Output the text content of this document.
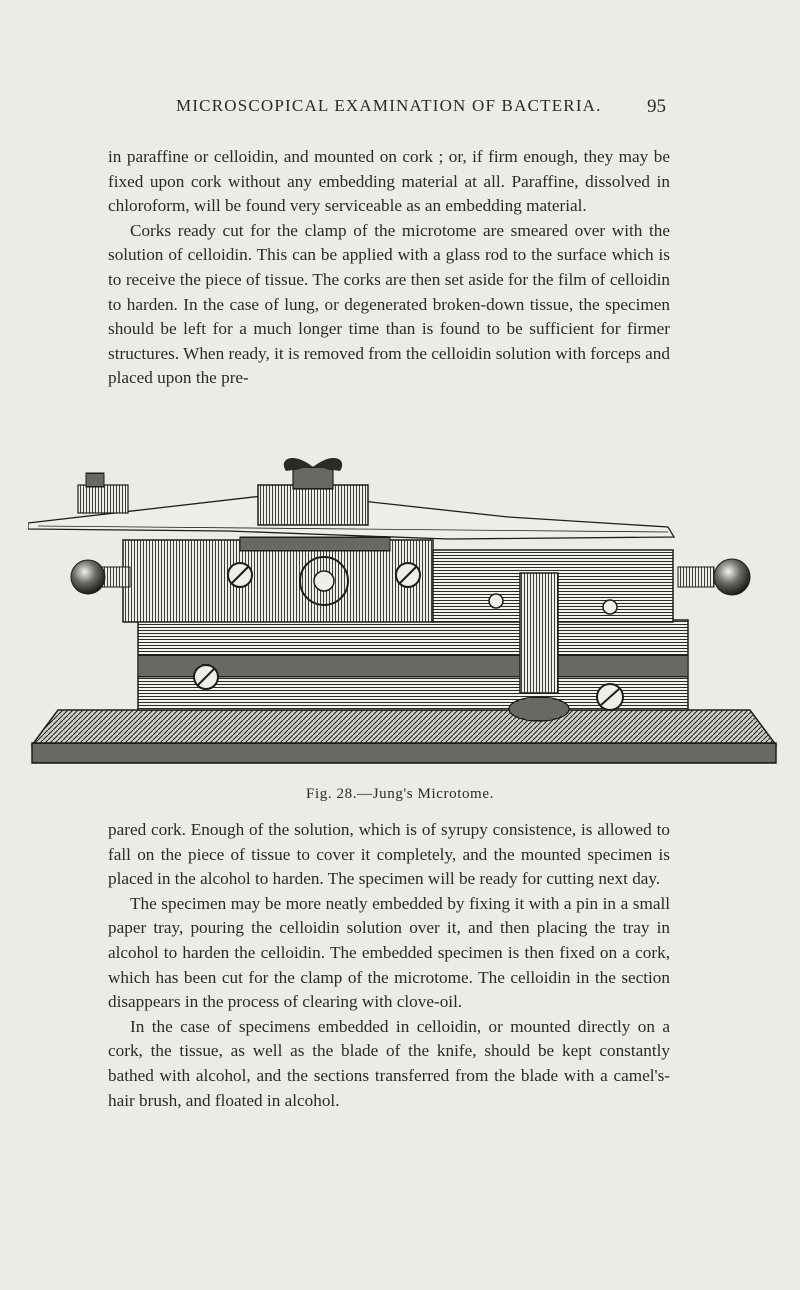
MICROSCOPICAL EXAMINATION OF BACTERIA. 95

in paraffine or celloidin, and mounted on cork ; or, if firm enough, they may be fixed upon cork without any embedding material at all. Paraffine, dissolved in chloroform, will be found very serviceable as an embedding material.

Corks ready cut for the clamp of the microtome are smeared over with the solution of celloidin. This can be applied with a glass rod to the surface which is to receive the piece of tissue. The corks are then set aside for the film of celloidin to harden. In the case of lung, or degenerated broken-down tissue, the specimen should be left for a much longer time than is found to be sufficient for firmer structures. When ready, it is removed from the celloidin solution with forceps and placed upon the pre-

Fig. 28.—Jung's Microtome.

pared cork. Enough of the solution, which is of syrupy consistence, is allowed to fall on the piece of tissue to cover it completely, and the mounted specimen is placed in the alcohol to harden. The specimen will be ready for cutting next day.

The specimen may be more neatly embedded by fixing it with a pin in a small paper tray, pouring the celloidin solution over it, and then placing the tray in alcohol to harden the celloidin. The embedded specimen is then fixed on a cork, which has been cut for the clamp of the microtome. The celloidin in the section disappears in the process of clearing with clove-oil.

In the case of specimens embedded in celloidin, or mounted directly on a cork, the tissue, as well as the blade of the knife, should be kept constantly bathed with alcohol, and the sections transferred from the blade with a camel's-hair brush, and floated in alcohol.
